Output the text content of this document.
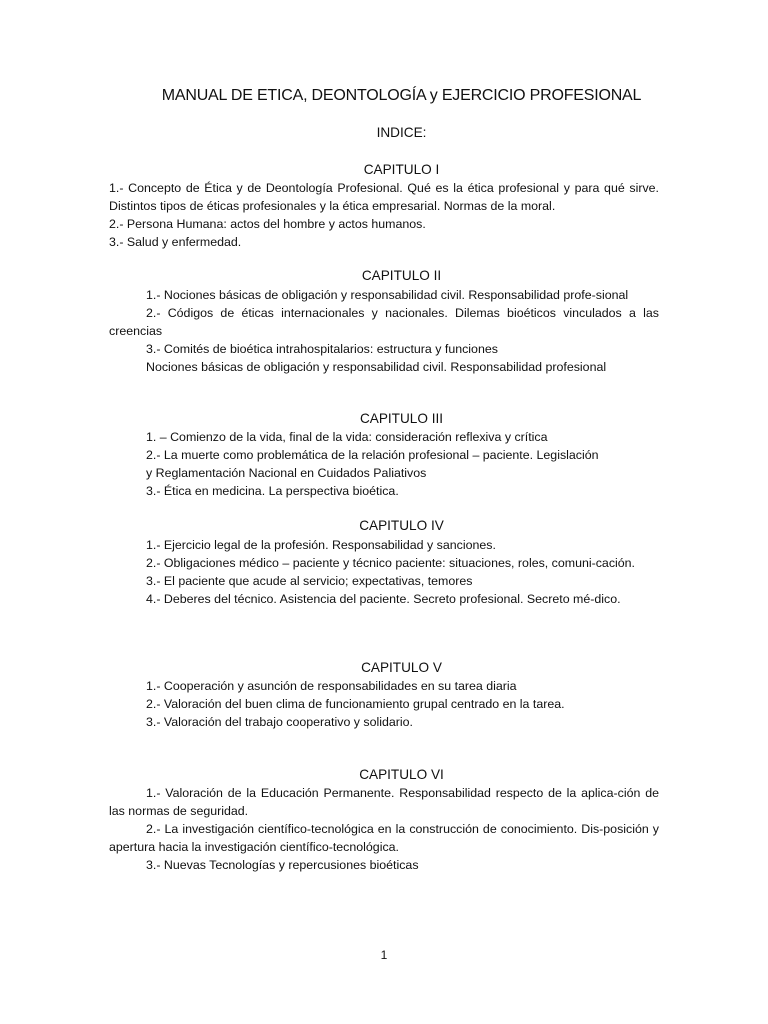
MANUAL DE ETICA, DEONTOLOGÍA y EJERCICIO PROFESIONAL
INDICE:
CAPITULO I

1.- Concepto de Ética y de Deontología Profesional. Qué es la ética profesional y para qué sirve. Distintos tipos de éticas profesionales y la ética empresarial. Normas de la moral.

2.- Persona Humana: actos del hombre y actos humanos.

3.- Salud y enfermedad.

CAPITULO II

1.- Nociones básicas de obligación y responsabilidad civil. Responsabilidad profe-sional

2.- Códigos de éticas internacionales y nacionales. Dilemas bioéticos vinculados a las creencias

3.- Comités de bioética intrahospitalarios: estructura y funciones

Nociones básicas de obligación y responsabilidad civil. Responsabilidad profesional

CAPITULO III

1. – Comienzo de la vida, final de la vida: consideración reflexiva y crítica

2.- La muerte como problemática de la relación profesional – paciente. Legislación

y Reglamentación Nacional en Cuidados Paliativos

3.- Ética en medicina. La perspectiva bioética.

CAPITULO IV

1.- Ejercicio legal de la profesión. Responsabilidad y sanciones.

2.- Obligaciones médico – paciente y técnico paciente: situaciones, roles, comuni-cación.

3.- El paciente que acude al servicio; expectativas, temores

4.- Deberes del técnico. Asistencia del paciente. Secreto profesional. Secreto mé-dico.

CAPITULO V

1.- Cooperación y asunción de responsabilidades en su tarea diaria

2.- Valoración del buen clima de funcionamiento grupal centrado en la tarea.

3.- Valoración del trabajo cooperativo y solidario.

CAPITULO VI

1.- Valoración de la Educación Permanente. Responsabilidad respecto de la aplica-ción de las normas de seguridad.

2.- La investigación científico-tecnológica en la construcción de conocimiento. Dis-posición y apertura hacia la investigación científico-tecnológica.

3.- Nuevas Tecnologías y repercusiones bioéticas

1
